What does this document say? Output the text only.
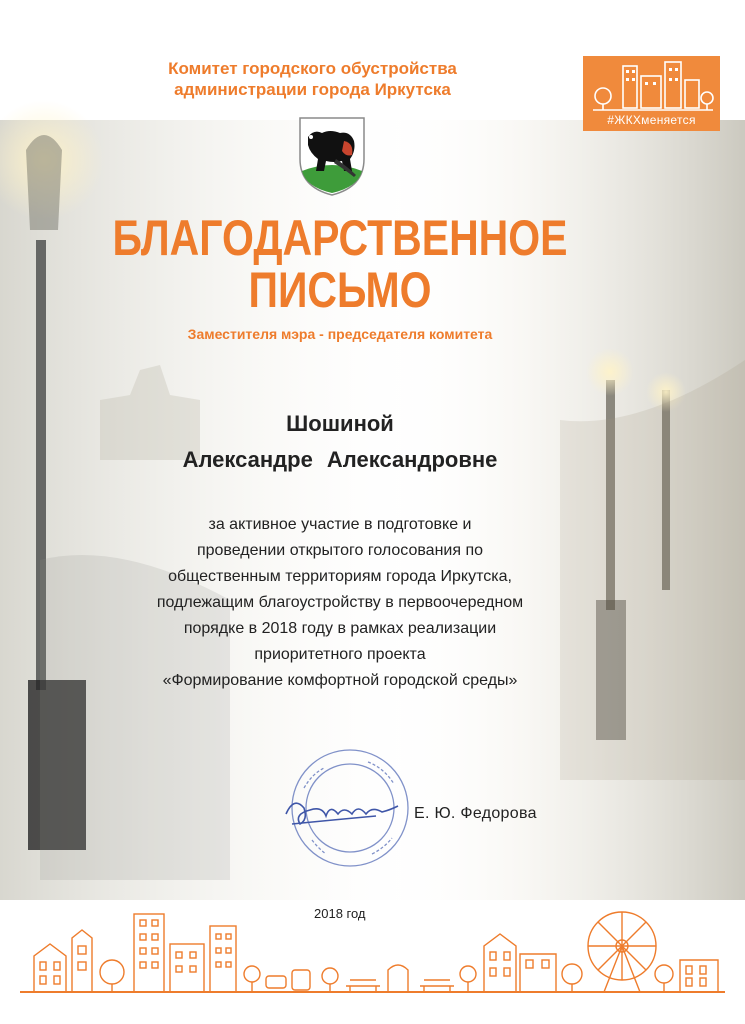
Комитет городского обустройства
администрации города Иркутска
#ЖКХменяется
БЛАГОДАРСТВЕННОЕ
ПИСЬМО
Заместителя мэра - председателя комитета
Шошиной
Александре Александровне
за активное участие в подготовке и
проведении открытого голосования по
общественным территориям города Иркутска,
подлежащим благоустройству в первоочередном
порядке в 2018 году в рамках реализации
приоритетного проекта
«Формирование комфортной городской среды»
Е. Ю. Федорова
2018 год
